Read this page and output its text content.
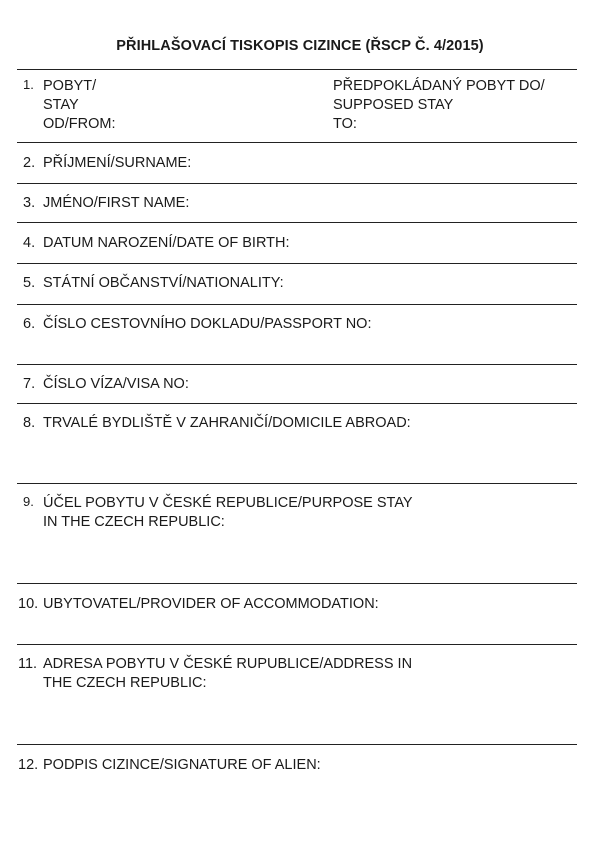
PŘIHLAŠOVACÍ TISKOPIS CIZINCE (ŘSCP Č. 4/2015)
1. POBYT/
STAY
OD/FROM:
PŘEDPOKLÁDANÝ POBYT DO/
SUPPOSED STAY
TO:
2. PŘÍJMENÍ/SURNAME:
3. JMÉNO/FIRST NAME:
4. DATUM NAROZENÍ/DATE OF BIRTH:
5. STÁTNÍ OBČANSTVÍ/NATIONALITY:
6. ČÍSLO CESTOVNÍHO DOKLADU/PASSPORT NO:
7. ČÍSLO VÍZA/VISA NO:
8. TRVALÉ BYDLIŠTĚ V ZAHRANIČÍ/DOMICILE ABROAD:
9. ÚČEL POBYTU V ČESKÉ REPUBLICE/PURPOSE STAY
IN THE CZECH REPUBLIC:
10. UBYTOVATEL/PROVIDER OF ACCOMMODATION:
11. ADRESA POBYTU V ČESKÉ RUPUBLICE/ADDRESS IN
THE CZECH REPUBLIC:
12. PODPIS CIZINCE/SIGNATURE OF ALIEN:
